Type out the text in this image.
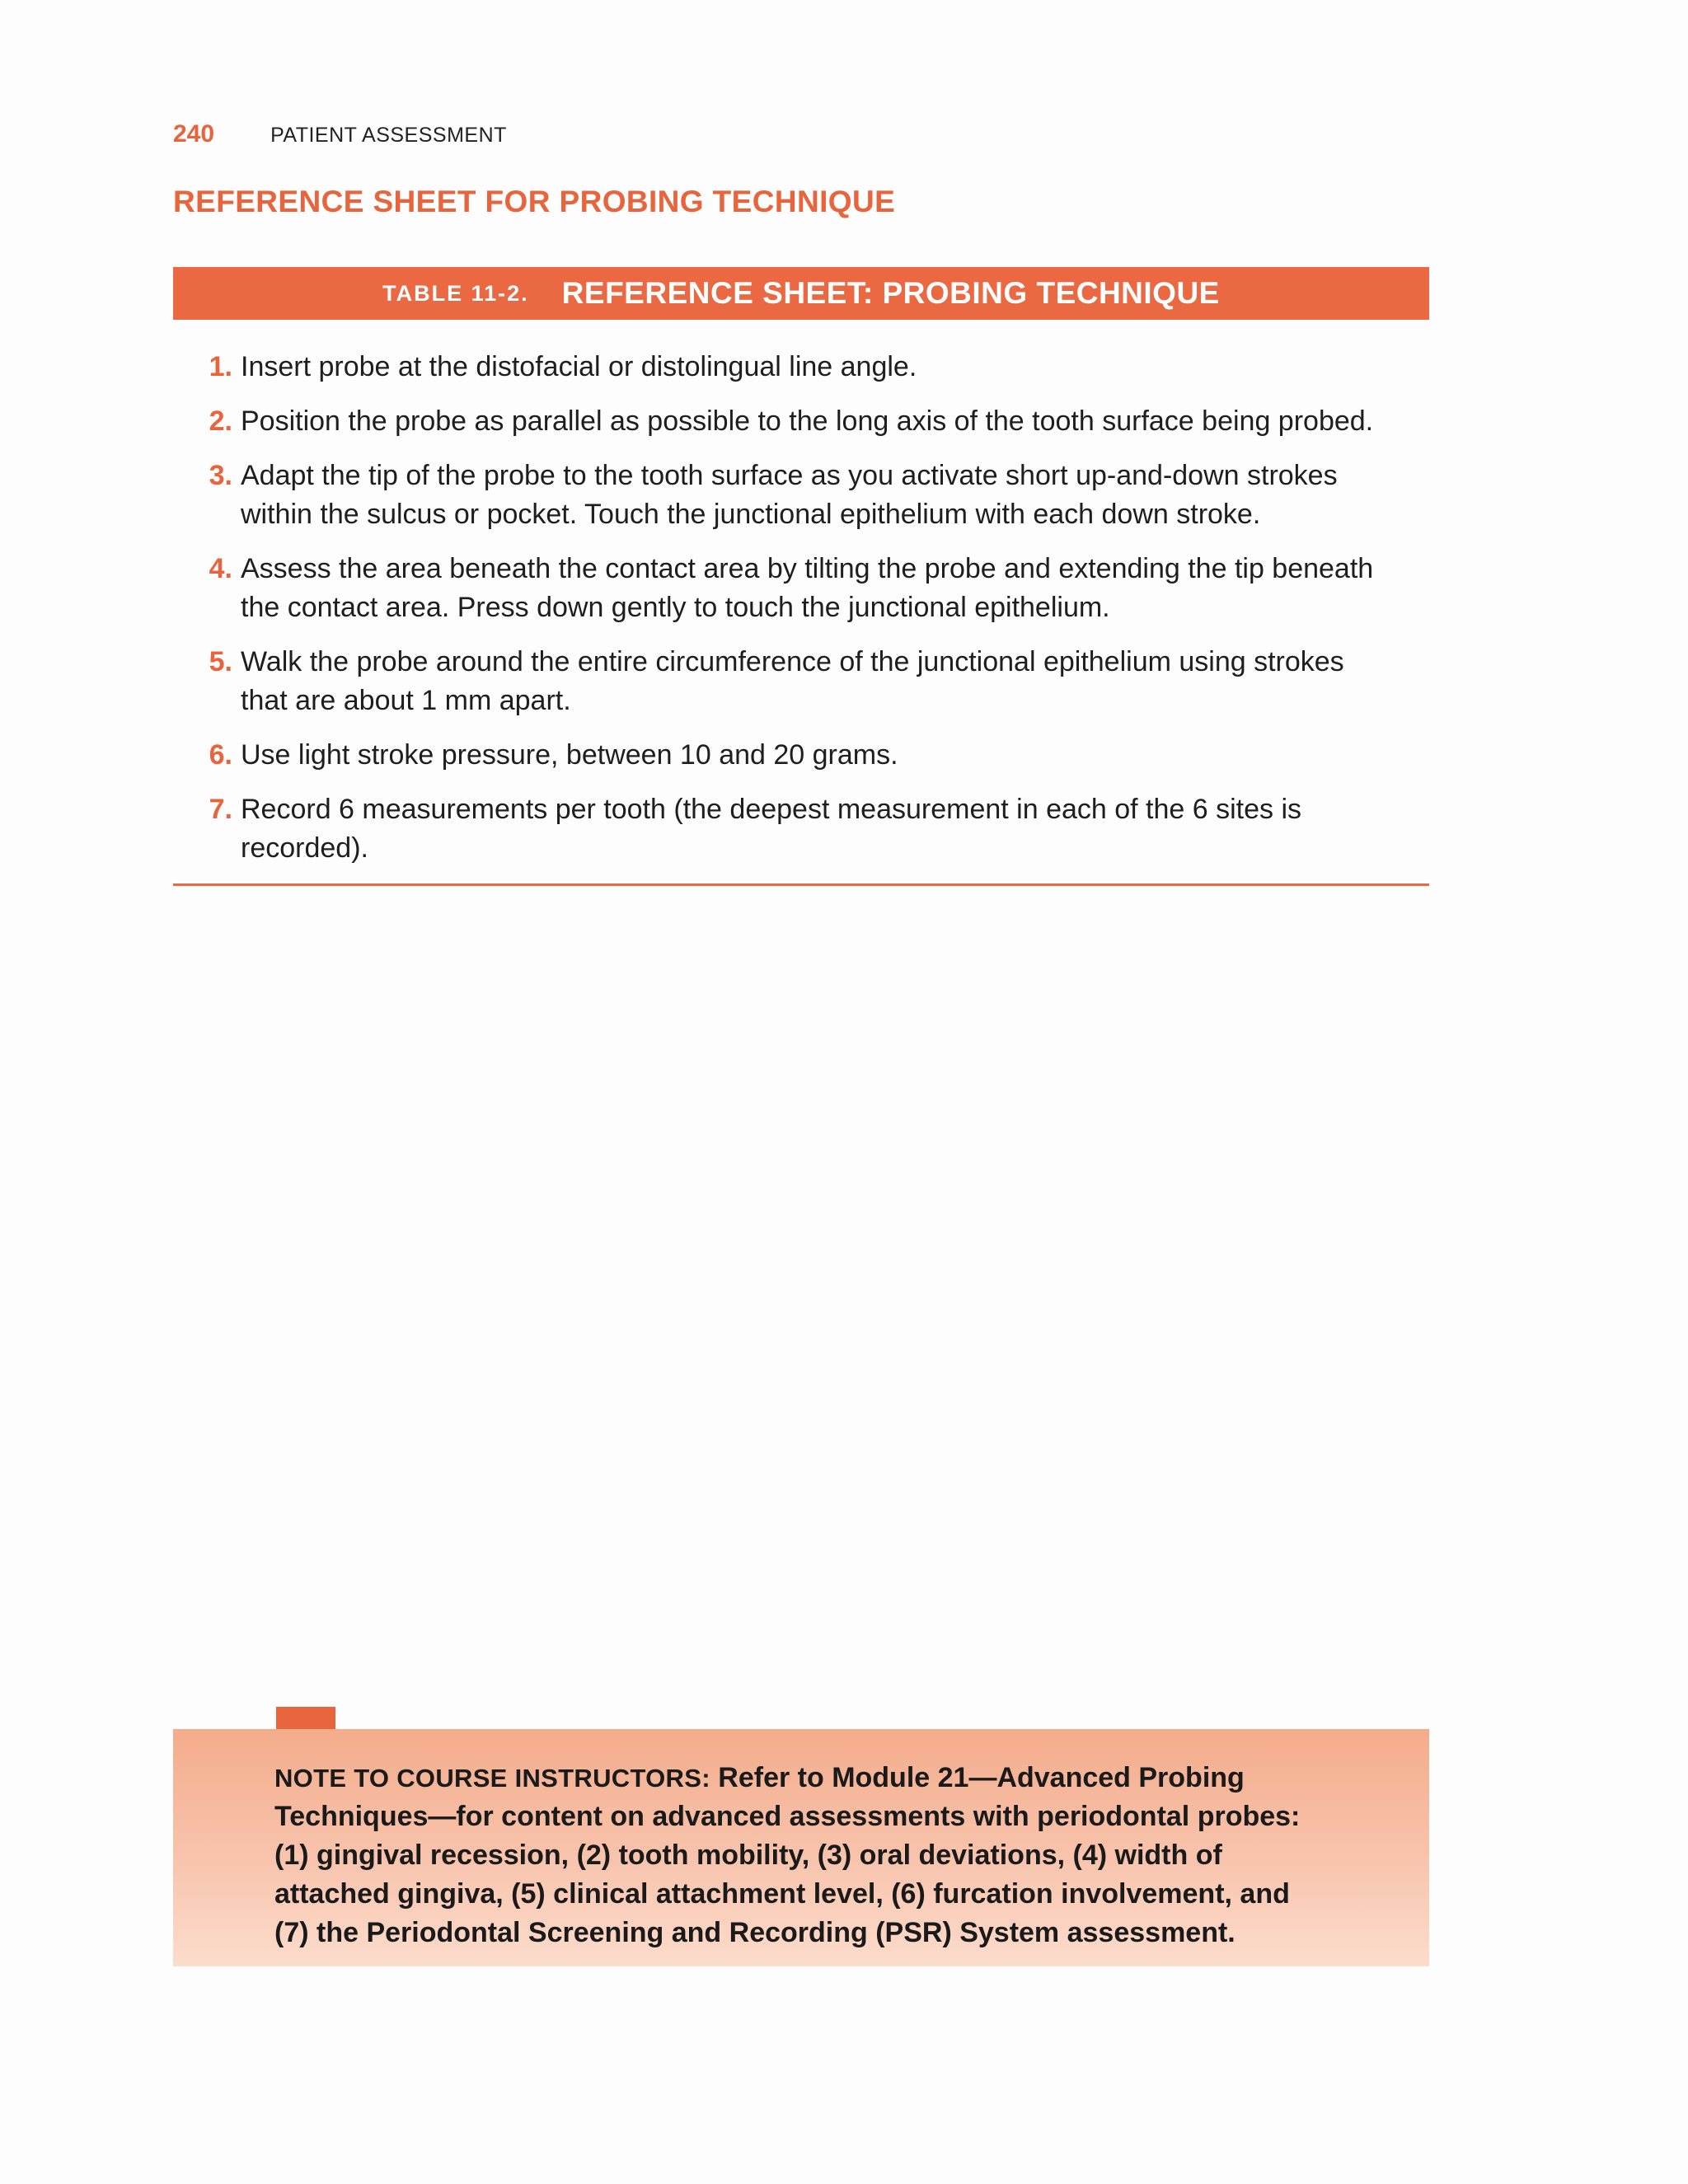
240	PATIENT ASSESSMENT
REFERENCE SHEET FOR PROBING TECHNIQUE
TABLE 11-2. REFERENCE SHEET: PROBING TECHNIQUE
1. Insert probe at the distofacial or distolingual line angle.
2. Position the probe as parallel as possible to the long axis of the tooth surface being probed.
3. Adapt the tip of the probe to the tooth surface as you activate short up-and-down strokes within the sulcus or pocket. Touch the junctional epithelium with each down stroke.
4. Assess the area beneath the contact area by tilting the probe and extending the tip beneath the contact area. Press down gently to touch the junctional epithelium.
5. Walk the probe around the entire circumference of the junctional epithelium using strokes that are about 1 mm apart.
6. Use light stroke pressure, between 10 and 20 grams.
7. Record 6 measurements per tooth (the deepest measurement in each of the 6 sites is recorded).

NOTE TO COURSE INSTRUCTORS: Refer to Module 21—Advanced Probing Techniques—for content on advanced assessments with periodontal probes: (1) gingival recession, (2) tooth mobility, (3) oral deviations, (4) width of attached gingiva, (5) clinical attachment level, (6) furcation involvement, and (7) the Periodontal Screening and Recording (PSR) System assessment.
